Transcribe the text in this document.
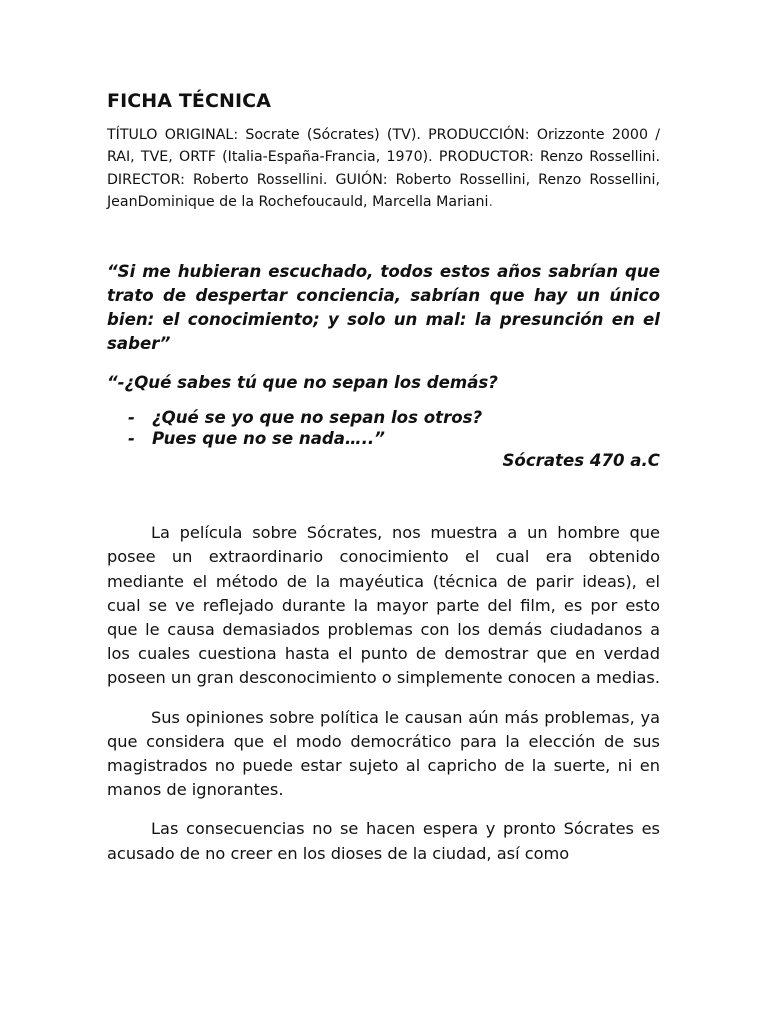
FICHA TÉCNICA

TÍTULO ORIGINAL: Socrate (Sócrates) (TV). PRODUCCIÓN: Orizzonte 2000 / RAI, TVE, ORTF (Italia-España-Francia, 1970). PRODUCTOR: Renzo Rossellini. DIRECTOR: Roberto Rossellini. GUIÓN: Roberto Rossellini, Renzo Rossellini, JeanDominique de la Rochefoucauld, Marcella Mariani.

“Si me hubieran escuchado, todos estos años sabrían que trato de despertar conciencia, sabrían que hay un único bien: el conocimiento; y solo un mal: la presunción en el saber”

“-¿Qué sabes tú que no sepan los demás?

- ¿Qué se yo que no sepan los otros?
- Pues que no se nada…..”

Sócrates 470 a.C

La película sobre Sócrates, nos muestra a un hombre que posee un extraordinario conocimiento el cual era obtenido mediante el método de la mayéutica (técnica de parir ideas), el cual se ve reflejado durante la mayor parte del film, es por esto que le causa demasiados problemas con los demás ciudadanos a los cuales cuestiona hasta el punto de demostrar que en verdad poseen un gran desconocimiento o simplemente conocen a medias.

Sus opiniones sobre política le causan aún más problemas, ya que considera que el modo democrático para la elección de sus magistrados no puede estar sujeto al capricho de la suerte, ni en manos de ignorantes.

Las consecuencias no se hacen espera y pronto Sócrates es acusado de no creer en los dioses de la ciudad, así como
